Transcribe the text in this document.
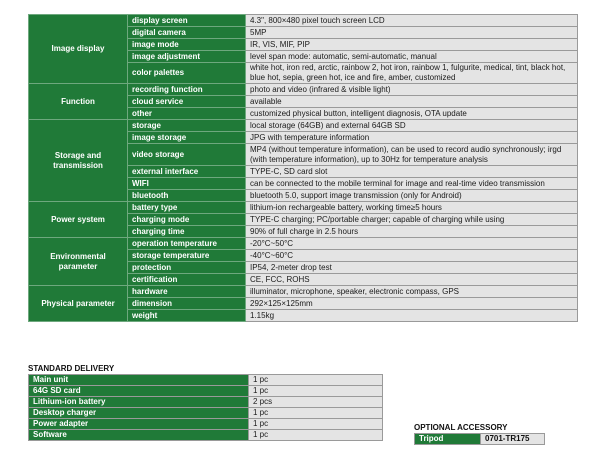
Image display	display screen	4.3", 800×480 pixel touch screen LCD
	digital camera	5MP
	image mode	IR, VIS, MIF, PIP
	image adjustment	level span mode: automatic, semi-automatic, manual
	color palettes	white hot, iron red, arctic, rainbow 2, hot iron, rainbow 1, fulgurite, medical, tint, black hot, blue hot, sepia, green hot, ice and fire, amber, customized
Function	recording function	photo and video (infrared & visible light)
	cloud service	available
	other	customized physical button, intelligent diagnosis, OTA update
Storage and transmission	storage	local storage (64GB) and external 64GB SD
	image storage	JPG with temperature information
	video storage	MP4 (without temperature information), can be used to record audio synchronously; irgd (with temperature information), up to 30Hz for temperature analysis
	external interface	TYPE-C, SD card slot
	WIFI	can be connected to the mobile terminal for image and real-time video transmission
	bluetooth	bluetooth 5.0, support image transmission (only for Android)
Power system	battery type	lithium-ion rechargeable battery, working time≥5 hours
	charging mode	TYPE-C charging; PC/portable charger; capable of charging while using
	charging time	90% of full charge in 2.5 hours
Environmental parameter	operation temperature	-20°C~50°C
	storage temperature	-40°C~60°C
	protection	IP54, 2-meter drop test
	certification	CE, FCC, ROHS
Physical parameter	hardware	illuminator, microphone, speaker, electronic compass, GPS
	dimension	292×125×125mm
	weight	1.15kg
STANDARD DELIVERY
Main unit	1 pc
64G SD card	1 pc
Lithium-ion battery	2 pcs
Desktop charger	1 pc
Power adapter	1 pc
Software	1 pc
OPTIONAL ACCESSORY
Tripod	0701-TR175
